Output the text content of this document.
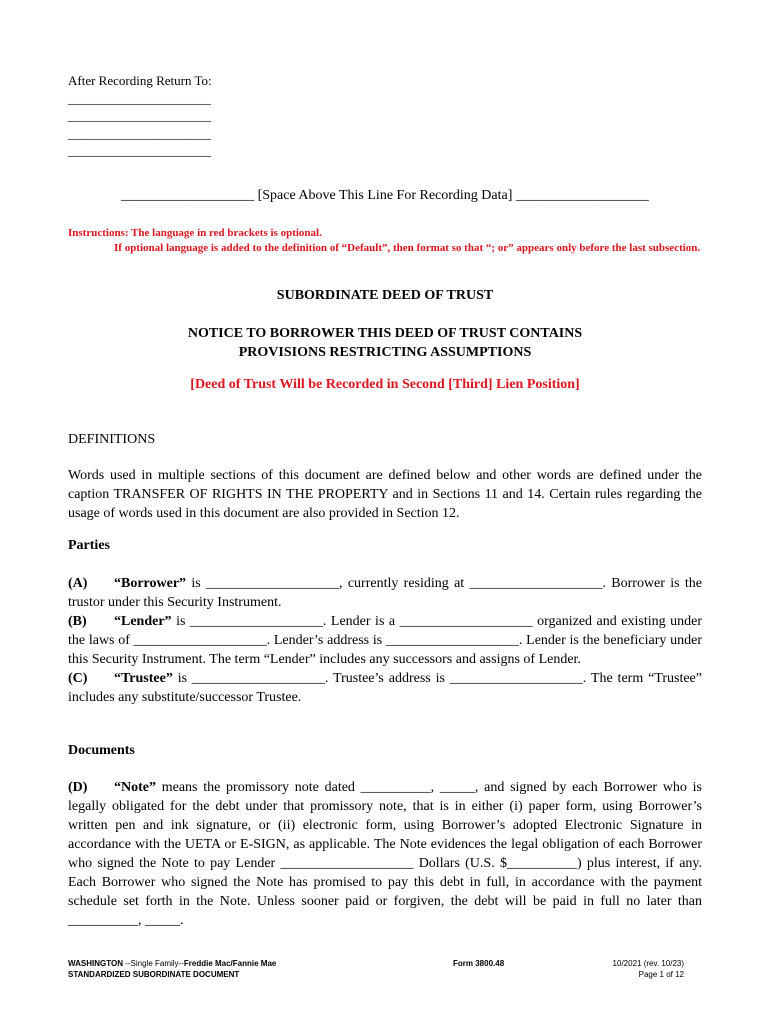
After Recording Return To:
______________________
______________________
______________________
______________________
___________________ [Space Above This Line For Recording Data] ___________________
Instructions: The language in red brackets is optional.
If optional language is added to the definition of “Default”, then format so that “; or” appears only before the last subsection.
SUBORDINATE DEED OF TRUST
NOTICE TO BORROWER THIS DEED OF TRUST CONTAINS
PROVISIONS RESTRICTING ASSUMPTIONS
[Deed of Trust Will be Recorded in Second [Third] Lien Position]
DEFINITIONS
Words used in multiple sections of this document are defined below and other words are defined under the caption TRANSFER OF RIGHTS IN THE PROPERTY and in Sections 11 and 14. Certain rules regarding the usage of words used in this document are also provided in Section 12.
Parties
(A) “Borrower” is ___________________, currently residing at ___________________. Borrower is the trustor under this Security Instrument.
(B) “Lender” is ___________________. Lender is a ___________________ organized and existing under the laws of ___________________. Lender’s address is ___________________. Lender is the beneficiary under this Security Instrument. The term “Lender” includes any successors and assigns of Lender.
(C) “Trustee” is ___________________. Trustee’s address is ___________________. The term “Trustee” includes any substitute/successor Trustee.
Documents
(D) “Note” means the promissory note dated __________, _____, and signed by each Borrower who is legally obligated for the debt under that promissory note, that is in either (i) paper form, using Borrower’s written pen and ink signature, or (ii) electronic form, using Borrower’s adopted Electronic Signature in accordance with the UETA or E-SIGN, as applicable. The Note evidences the legal obligation of each Borrower who signed the Note to pay Lender ___________________ Dollars (U.S. $__________) plus interest, if any. Each Borrower who signed the Note has promised to pay this debt in full, in accordance with the payment schedule set forth in the Note. Unless sooner paid or forgiven, the debt will be paid in full no later than __________, _____.
WASHINGTON --Single Family--Freddie Mac/Fannie Mae
STANDARDIZED SUBORDINATE DOCUMENT
Form 3800.48	10/2021 (rev. 10/23)
Page 1 of 12
